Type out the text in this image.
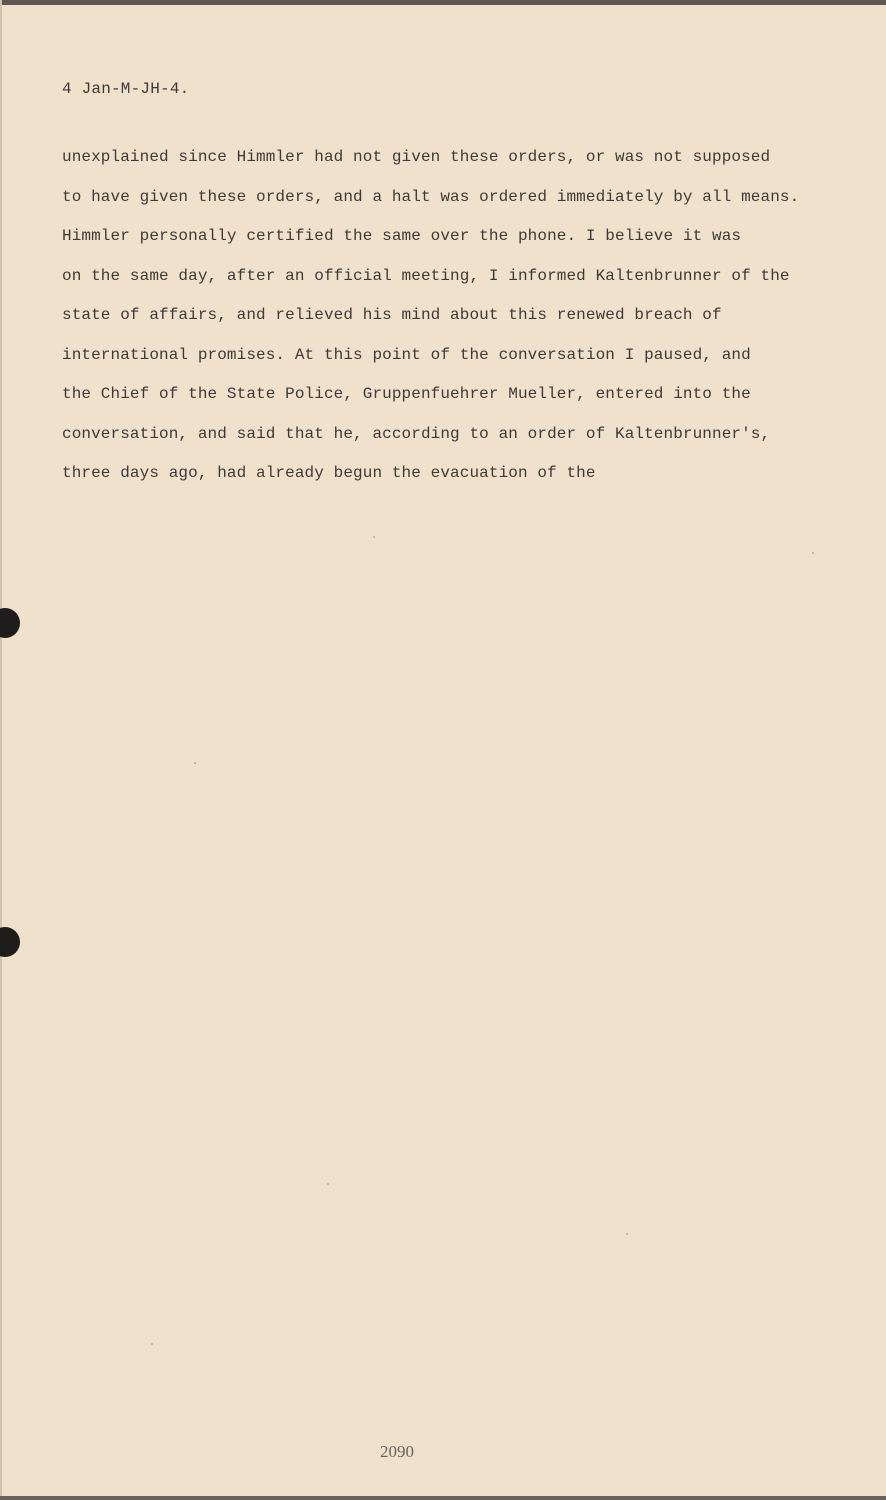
4 Jan-M-JH-4.
unexplained since Himmler had not given these orders, or was not supposed
to have given these orders, and a halt was ordered immediately by all means.
Himmler personally certified the same over the phone. I believe it was
on the same day, after an official meeting, I informed Kaltenbrunner of the
state of affairs, and relieved his mind about this renewed breach of
international promises. At this point of the conversation I paused, and
the Chief of the State Police, Gruppenfuehrer Mueller, entered into the
conversation, and said that he, according to an order of Kaltenbrunner's,
three days ago, had already begun the evacuation of the
2090
